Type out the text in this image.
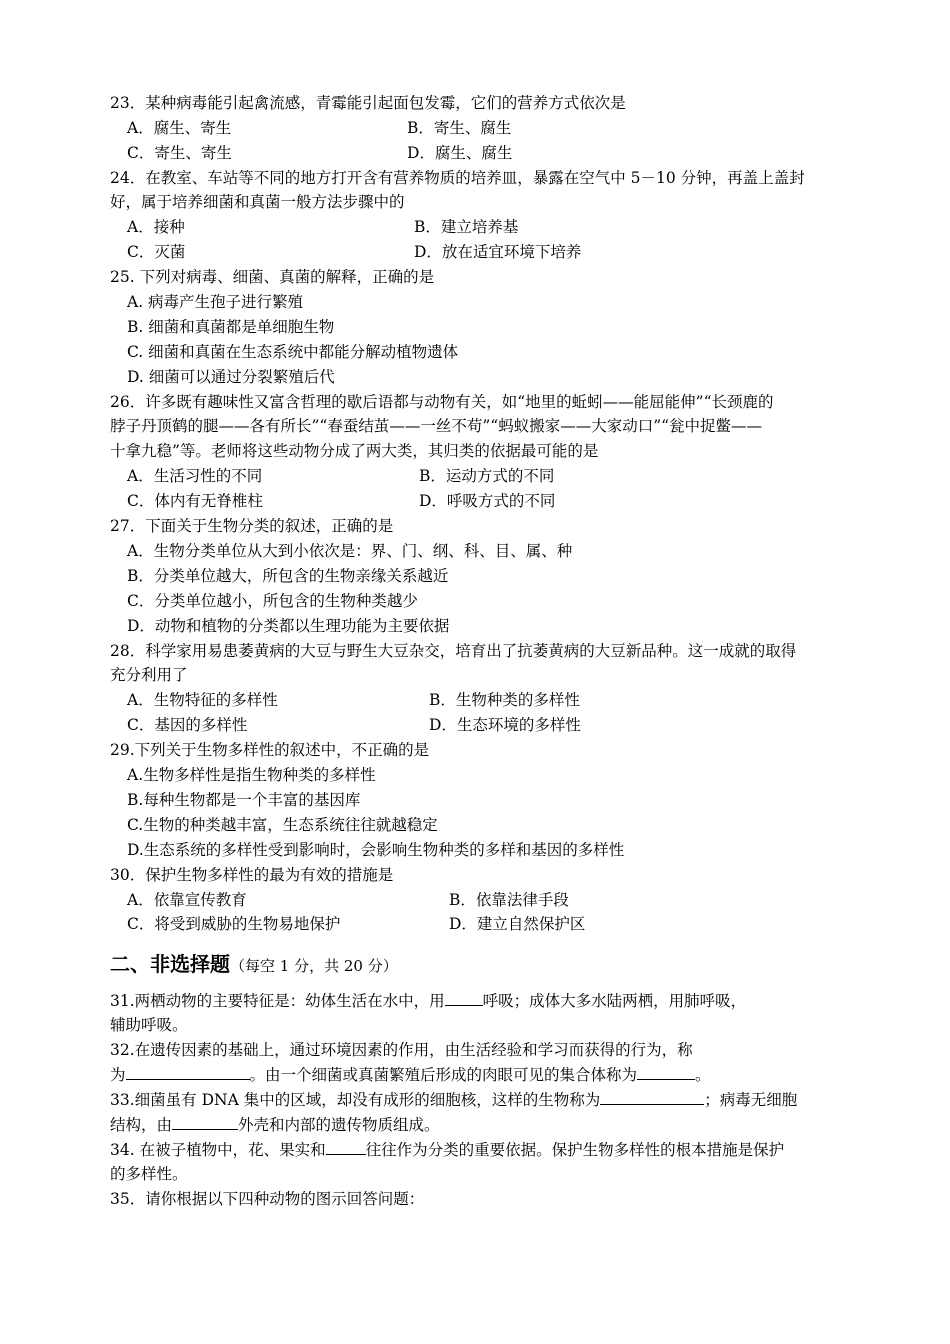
23．某种病毒能引起禽流感，青霉能引起面包发霉，它们的营养方式依次是
A．腐生、寄生	B．寄生、腐生
C．寄生、寄生	D．腐生、腐生
24．在教室、车站等不同的地方打开含有营养物质的培养皿，暴露在空气中 5－10 分钟，再盖上盖封
好，属于培养细菌和真菌一般方法步骤中的
A．接种	B．建立培养基
C．灭菌	D．放在适宜环境下培养
25. 下列对病毒、细菌、真菌的解释，正确的是
A. 病毒产生孢子进行繁殖
B. 细菌和真菌都是单细胞生物
C. 细菌和真菌在生态系统中都能分解动植物遗体
D. 细菌可以通过分裂繁殖后代
26．许多既有趣味性又富含哲理的歇后语都与动物有关，如“地里的蚯蚓——能屈能伸”“长颈鹿的
脖子丹顶鹤的腿——各有所长”“春蚕结茧——一丝不苟”“蚂蚁搬家——大家动口”“瓮中捉鳖——
十拿九稳”等。老师将这些动物分成了两大类，其归类的依据最可能的是
A．生活习性的不同	B．运动方式的不同
C．体内有无脊椎柱	D．呼吸方式的不同
27．下面关于生物分类的叙述，正确的是
A．生物分类单位从大到小依次是：界、门、纲、科、目、属、种
B．分类单位越大，所包含的生物亲缘关系越近
C．分类单位越小，所包含的生物种类越少
D．动物和植物的分类都以生理功能为主要依据
28．科学家用易患萎黄病的大豆与野生大豆杂交，培育出了抗萎黄病的大豆新品种。这一成就的取得
充分利用了
A．生物特征的多样性	B．生物种类的多样性
C．基因的多样性	D．生态环境的多样性
29.下列关于生物多样性的叙述中，不正确的是
A.生物多样性是指生物种类的多样性
B.每种生物都是一个丰富的基因库
C.生物的种类越丰富，生态系统往往就越稳定
D.生态系统的多样性受到影响时，会影响生物种类的多样和基因的多样性
30．保护生物多样性的最为有效的措施是
A．依靠宣传教育	B．依靠法律手段
C．将受到威胁的生物易地保护	D．建立自然保护区
二、非选择题（每空 1 分，共 20 分）
31.两栖动物的主要特征是：幼体生活在水中，用 呼吸；成体大多水陆两栖，用肺呼吸，
辅助呼吸。
32.在遗传因素的基础上，通过环境因素的作用，由生活经验和学习而获得的行为，称
为	。由一个细菌或真菌繁殖后形成的肉眼可见的集合体称为	。
33.细菌虽有 DNA 集中的区域，却没有成形的细胞核，这样的生物称为	；病毒无细胞
结构，由	外壳和内部的遗传物质组成。
34. 在被子植物中，花、果实和	往往作为分类的重要依据。保护生物多样性的根本措施是保护
的多样性。
35．请你根据以下四种动物的图示回答问题：
